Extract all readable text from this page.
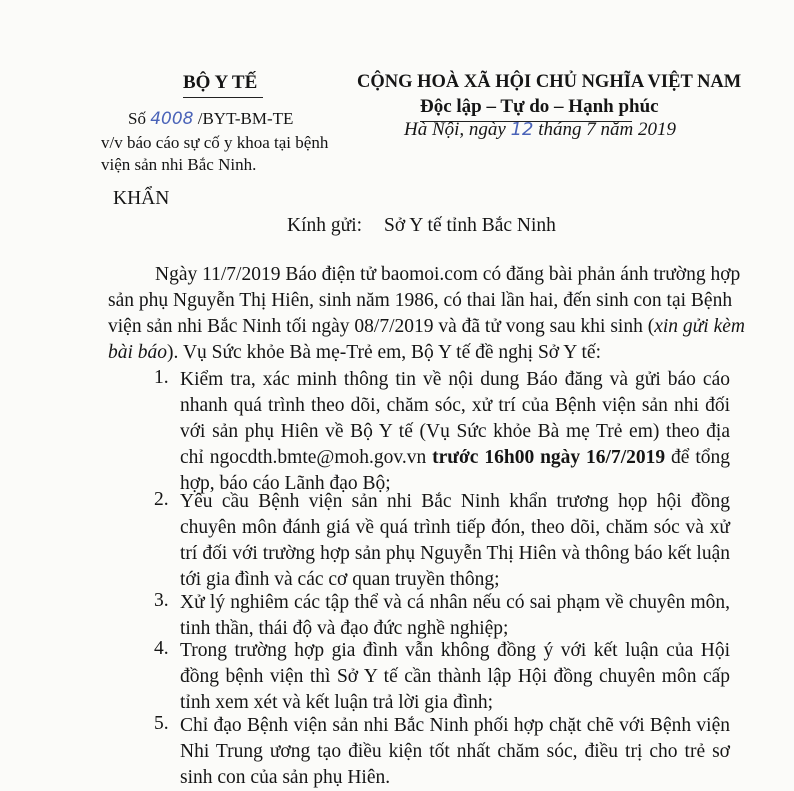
BỘ Y TẾ
Số 4008 /BYT-BM-TE
v/v báo cáo sự cố y khoa tại bệnh
viện sản nhi Bắc Ninh.
CỘNG HOÀ XÃ HỘI CHỦ NGHĨA VIỆT NAM
Độc lập – Tự do – Hạnh phúc
Hà Nội, ngày 12 tháng 7 năm 2019
KHẨN
Kính gửi: Sở Y tế tỉnh Bắc Ninh
Ngày 11/7/2019 Báo điện tử baomoi.com có đăng bài phản ánh trường hợp
sản phụ Nguyễn Thị Hiên, sinh năm 1986, có thai lần hai, đến sinh con tại Bệnh
viện sản nhi Bắc Ninh tối ngày 08/7/2019 và đã tử vong sau khi sinh (xin gửi kèm
bài báo). Vụ Sức khỏe Bà mẹ-Trẻ em, Bộ Y tế đề nghị Sở Y tế:
1. Kiểm tra, xác minh thông tin về nội dung Báo đăng và gửi báo cáo nhanh quá trình theo dõi, chăm sóc, xử trí của Bệnh viện sản nhi đối với sản phụ Hiên về Bộ Y tế (Vụ Sức khỏe Bà mẹ Trẻ em) theo địa chỉ ngocdth.bmte@moh.gov.vn trước 16h00 ngày 16/7/2019 để tổng hợp, báo cáo Lãnh đạo Bộ;
2. Yêu cầu Bệnh viện sản nhi Bắc Ninh khẩn trương họp hội đồng chuyên môn đánh giá về quá trình tiếp đón, theo dõi, chăm sóc và xử trí đối với trường hợp sản phụ Nguyễn Thị Hiên và thông báo kết luận tới gia đình và các cơ quan truyền thông;
3. Xử lý nghiêm các tập thể và cá nhân nếu có sai phạm về chuyên môn, tinh thần, thái độ và đạo đức nghề nghiệp;
4. Trong trường hợp gia đình vẫn không đồng ý với kết luận của Hội đồng bệnh viện thì Sở Y tế cần thành lập Hội đồng chuyên môn cấp tỉnh xem xét và kết luận trả lời gia đình;
5. Chỉ đạo Bệnh viện sản nhi Bắc Ninh phối hợp chặt chẽ với Bệnh viện Nhi Trung ương tạo điều kiện tốt nhất chăm sóc, điều trị cho trẻ sơ sinh con của sản phụ Hiên.
